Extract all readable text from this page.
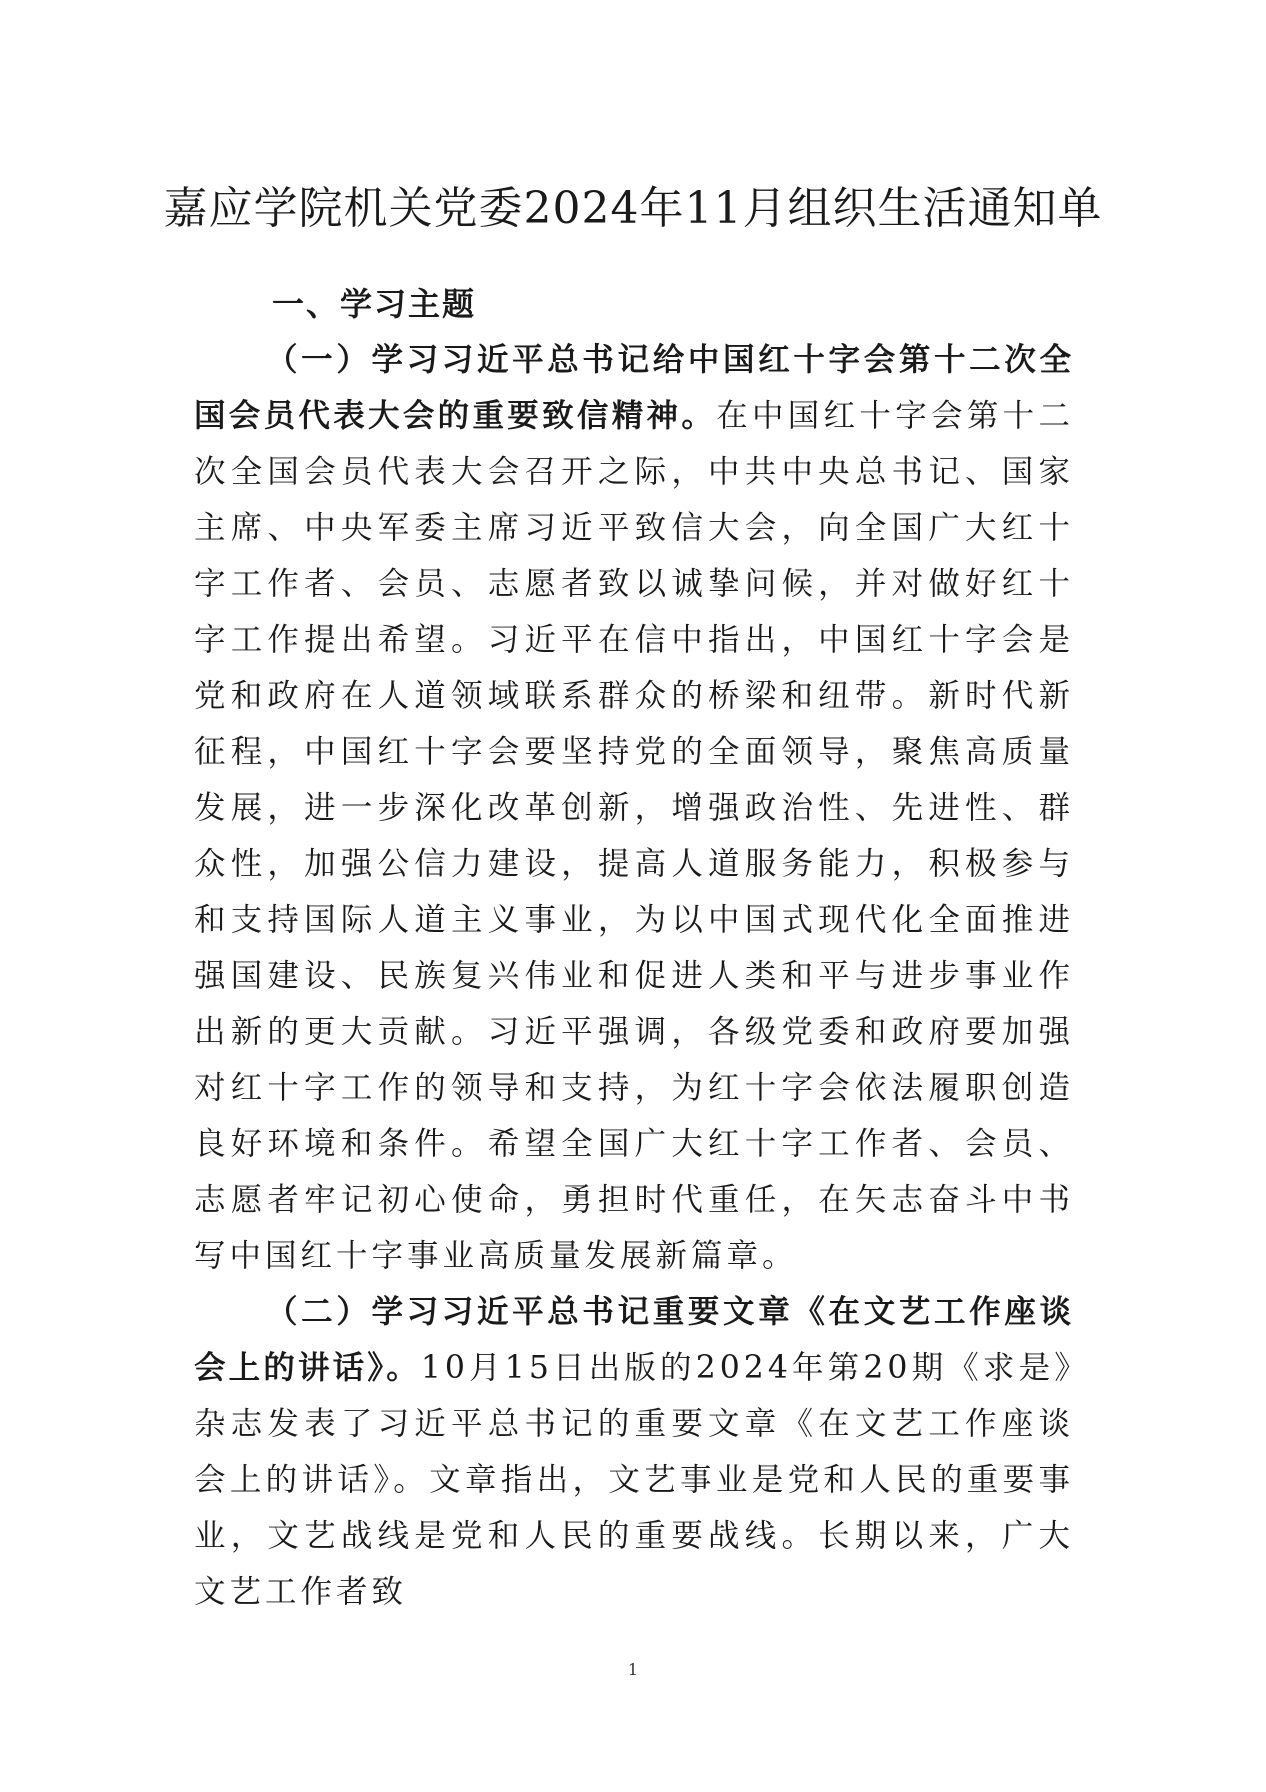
嘉应学院机关党委2024年11月组织生活通知单

一、学习主题

（一）学习习近平总书记给中国红十字会第十二次全国会员代表大会的重要致信精神。在中国红十字会第十二次全国会员代表大会召开之际，中共中央总书记、国家主席、中央军委主席习近平致信大会，向全国广大红十字工作者、会员、志愿者致以诚挚问候，并对做好红十字工作提出希望。习近平在信中指出，中国红十字会是党和政府在人道领域联系群众的桥梁和纽带。新时代新征程，中国红十字会要坚持党的全面领导，聚焦高质量发展，进一步深化改革创新，增强政治性、先进性、群众性，加强公信力建设，提高人道服务能力，积极参与和支持国际人道主义事业，为以中国式现代化全面推进强国建设、民族复兴伟业和促进人类和平与进步事业作出新的更大贡献。习近平强调，各级党委和政府要加强对红十字工作的领导和支持，为红十字会依法履职创造良好环境和条件。希望全国广大红十字工作者、会员、志愿者牢记初心使命，勇担时代重任，在矢志奋斗中书写中国红十字事业高质量发展新篇章。

（二）学习习近平总书记重要文章《在文艺工作座谈会上的讲话》。10月15日出版的2024年第20期《求是》杂志发表了习近平总书记的重要文章《在文艺工作座谈会上的讲话》。文章指出，文艺事业是党和人民的重要事业，文艺战线是党和人民的重要战线。长期以来，广大文艺工作者致

1
